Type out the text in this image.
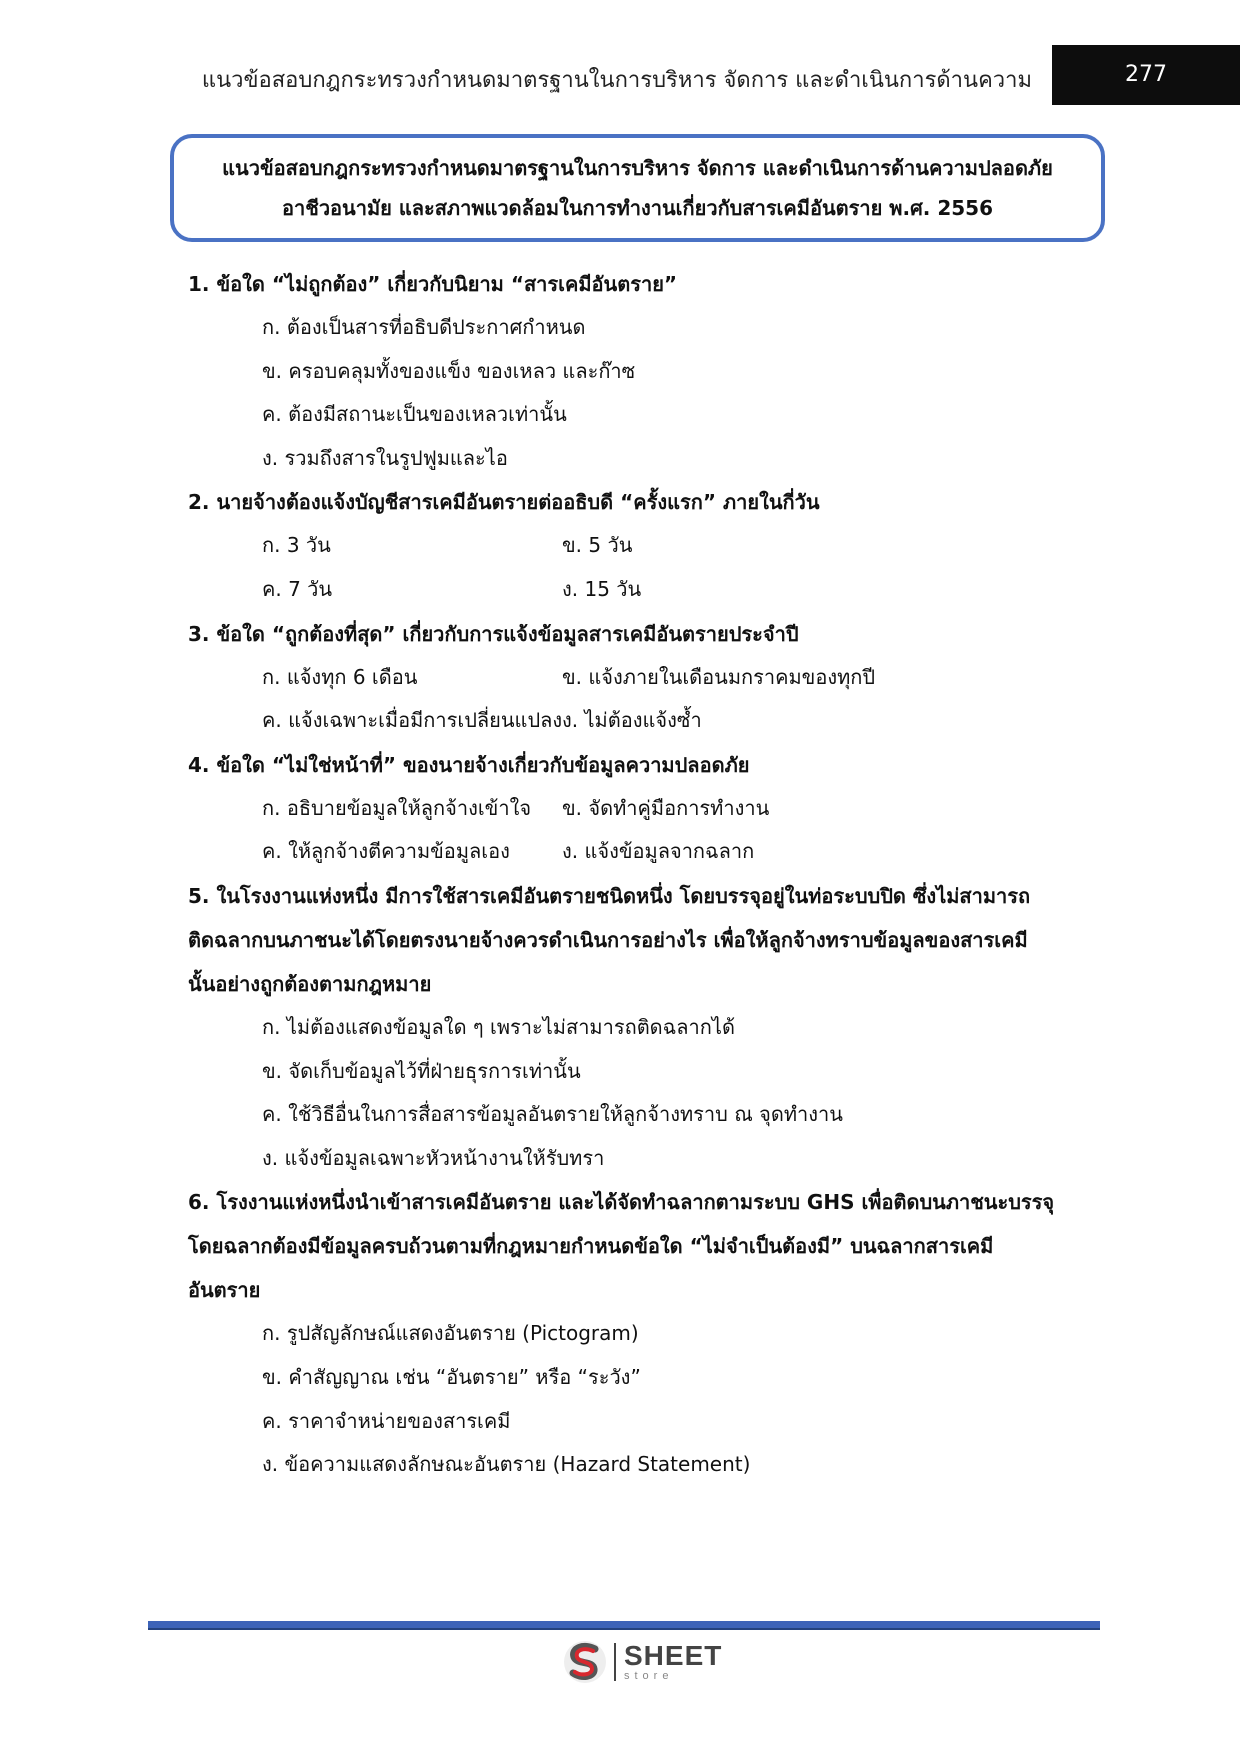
แนวข้อสอบกฎกระทรวงกำหนดมาตรฐานในการบริหาร จัดการ และดำเนินการด้านความ	277
แนวข้อสอบกฎกระทรวงกำหนดมาตรฐานในการบริหาร จัดการ และดำเนินการด้านความปลอดภัย
อาชีวอนามัย และสภาพแวดล้อมในการทำงานเกี่ยวกับสารเคมีอันตราย พ.ศ. 2556
1. ข้อใด “ไม่ถูกต้อง” เกี่ยวกับนิยาม “สารเคมีอันตราย”
ก. ต้องเป็นสารที่อธิบดีประกาศกำหนด
ข. ครอบคลุมทั้งของแข็ง ของเหลว และก๊าซ
ค. ต้องมีสถานะเป็นของเหลวเท่านั้น
ง. รวมถึงสารในรูปฟูมและไอ
2. นายจ้างต้องแจ้งบัญชีสารเคมีอันตรายต่ออธิบดี “ครั้งแรก” ภายในกี่วัน
ก. 3 วัน	ข. 5 วัน
ค. 7 วัน	ง. 15 วัน
3. ข้อใด “ถูกต้องที่สุด” เกี่ยวกับการแจ้งข้อมูลสารเคมีอันตรายประจำปี
ก. แจ้งทุก 6 เดือน	ข. แจ้งภายในเดือนมกราคมของทุกปี
ค. แจ้งเฉพาะเมื่อมีการเปลี่ยนแปลง ง. ไม่ต้องแจ้งซ้ำ
4. ข้อใด “ไม่ใช่หน้าที่” ของนายจ้างเกี่ยวกับข้อมูลความปลอดภัย
ก. อธิบายข้อมูลให้ลูกจ้างเข้าใจ	ข. จัดทำคู่มือการทำงาน
ค. ให้ลูกจ้างตีความข้อมูลเอง	ง. แจ้งข้อมูลจากฉลาก
5. ในโรงงานแห่งหนึ่ง มีการใช้สารเคมีอันตรายชนิดหนึ่ง โดยบรรจุอยู่ในท่อระบบปิด ซึ่งไม่สามารถ
ติดฉลากบนภาชนะได้โดยตรงนายจ้างควรดำเนินการอย่างไร เพื่อให้ลูกจ้างทราบข้อมูลของสารเคมี
นั้นอย่างถูกต้องตามกฎหมาย
ก. ไม่ต้องแสดงข้อมูลใด ๆ เพราะไม่สามารถติดฉลากได้
ข. จัดเก็บข้อมูลไว้ที่ฝ่ายธุรการเท่านั้น
ค. ใช้วิธีอื่นในการสื่อสารข้อมูลอันตรายให้ลูกจ้างทราบ ณ จุดทำงาน
ง. แจ้งข้อมูลเฉพาะหัวหน้างานให้รับทรา
6. โรงงานแห่งหนึ่งนำเข้าสารเคมีอันตราย และได้จัดทำฉลากตามระบบ GHS เพื่อติดบนภาชนะบรรจุ
โดยฉลากต้องมีข้อมูลครบถ้วนตามที่กฎหมายกำหนดข้อใด “ไม่จำเป็นต้องมี” บนฉลากสารเคมี
อันตราย
ก. รูปสัญลักษณ์แสดงอันตราย (Pictogram)
ข. คำสัญญาณ เช่น “อันตราย” หรือ “ระวัง”
ค. ราคาจำหน่ายของสารเคมี
ง. ข้อความแสดงลักษณะอันตราย (Hazard Statement)
SHEET
store
